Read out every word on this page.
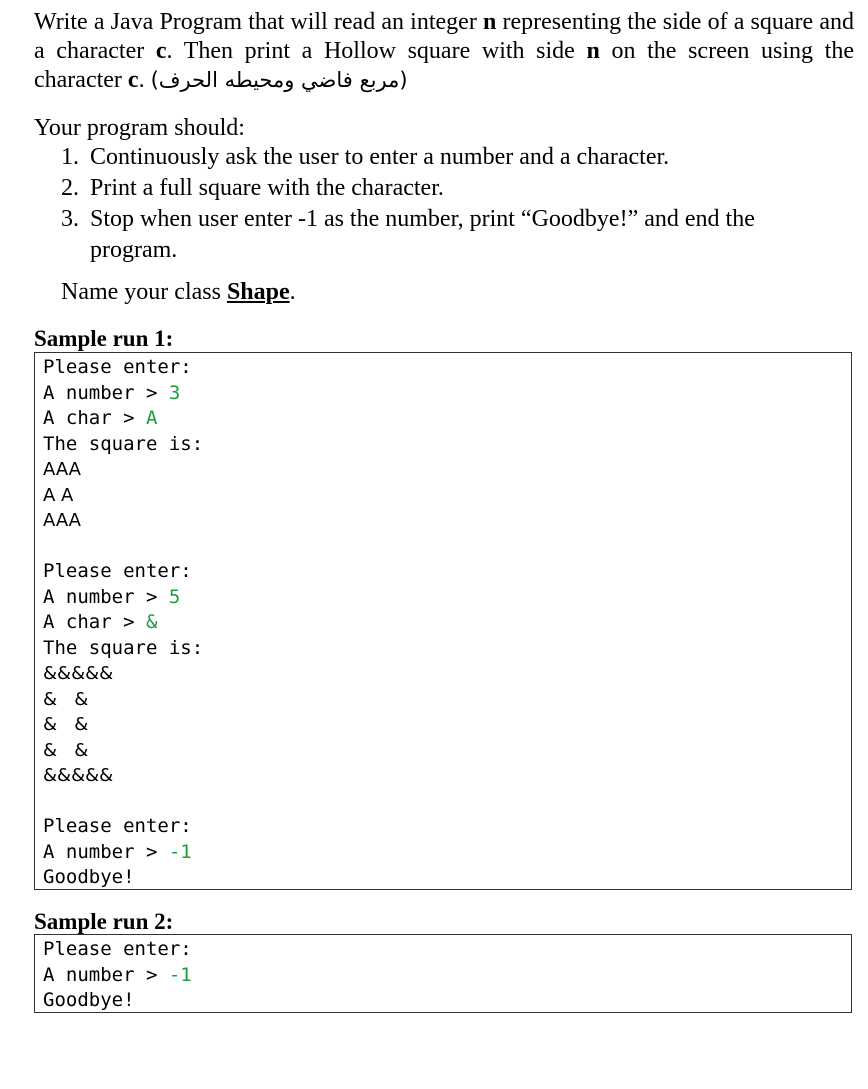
Write a Java Program that will read an integer n representing the side of a square and a character c. Then print a Hollow square with side n on the screen using the character c. (مربع فاضي ومحيطه الحرف)
Your program should:
1. Continuously ask the user to enter a number and a character.
2. Print a full square with the character.
3. Stop when user enter -1 as the number, print “Goodbye!” and end the program.
Name your class Shape.
Sample run 1:
Please enter:
A number > 3
A char > A
The square is:
AAA
A A
AAA
Please enter:
A number > 5
A char > &
The square is:
&&&&&
&   &
&   &
&   &
&&&&&
Please enter:
A number > -1
Goodbye!
Sample run 2:
Please enter:
A number > -1
Goodbye!
